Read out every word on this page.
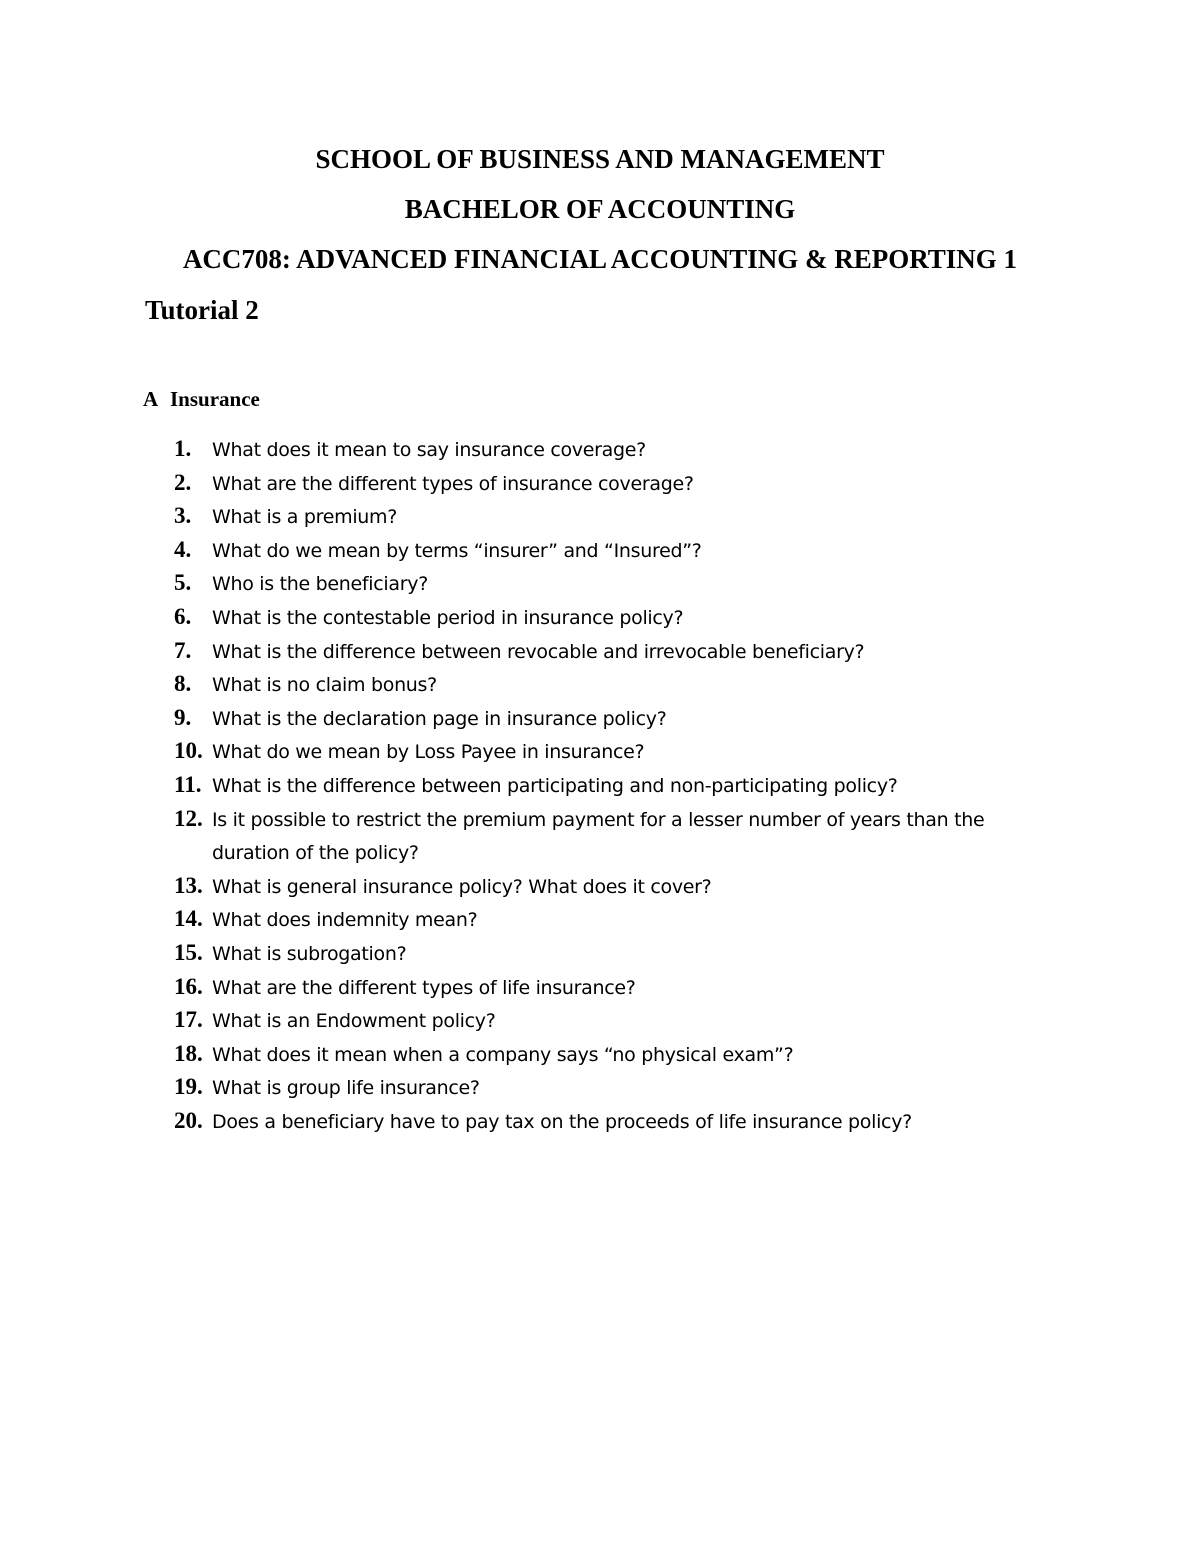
SCHOOL OF BUSINESS AND MANAGEMENT
BACHELOR OF ACCOUNTING
ACC708: ADVANCED FINANCIAL ACCOUNTING & REPORTING 1
Tutorial 2
A Insurance
1. What does it mean to say insurance coverage?
2. What are the different types of insurance coverage?
3. What is a premium?
4. What do we mean by terms “insurer” and “Insured”?
5. Who is the beneficiary?
6. What is the contestable period in insurance policy?
7. What is the difference between revocable and irrevocable beneficiary?
8. What is no claim bonus?
9. What is the declaration page in insurance policy?
10. What do we mean by Loss Payee in insurance?
11. What is the difference between participating and non-participating policy?
12. Is it possible to restrict the premium payment for a lesser number of years than the duration of the policy?
13. What is general insurance policy? What does it cover?
14. What does indemnity mean?
15. What is subrogation?
16. What are the different types of life insurance?
17. What is an Endowment policy?
18. What does it mean when a company says “no physical exam”?
19. What is group life insurance?
20. Does a beneficiary have to pay tax on the proceeds of life insurance policy?
